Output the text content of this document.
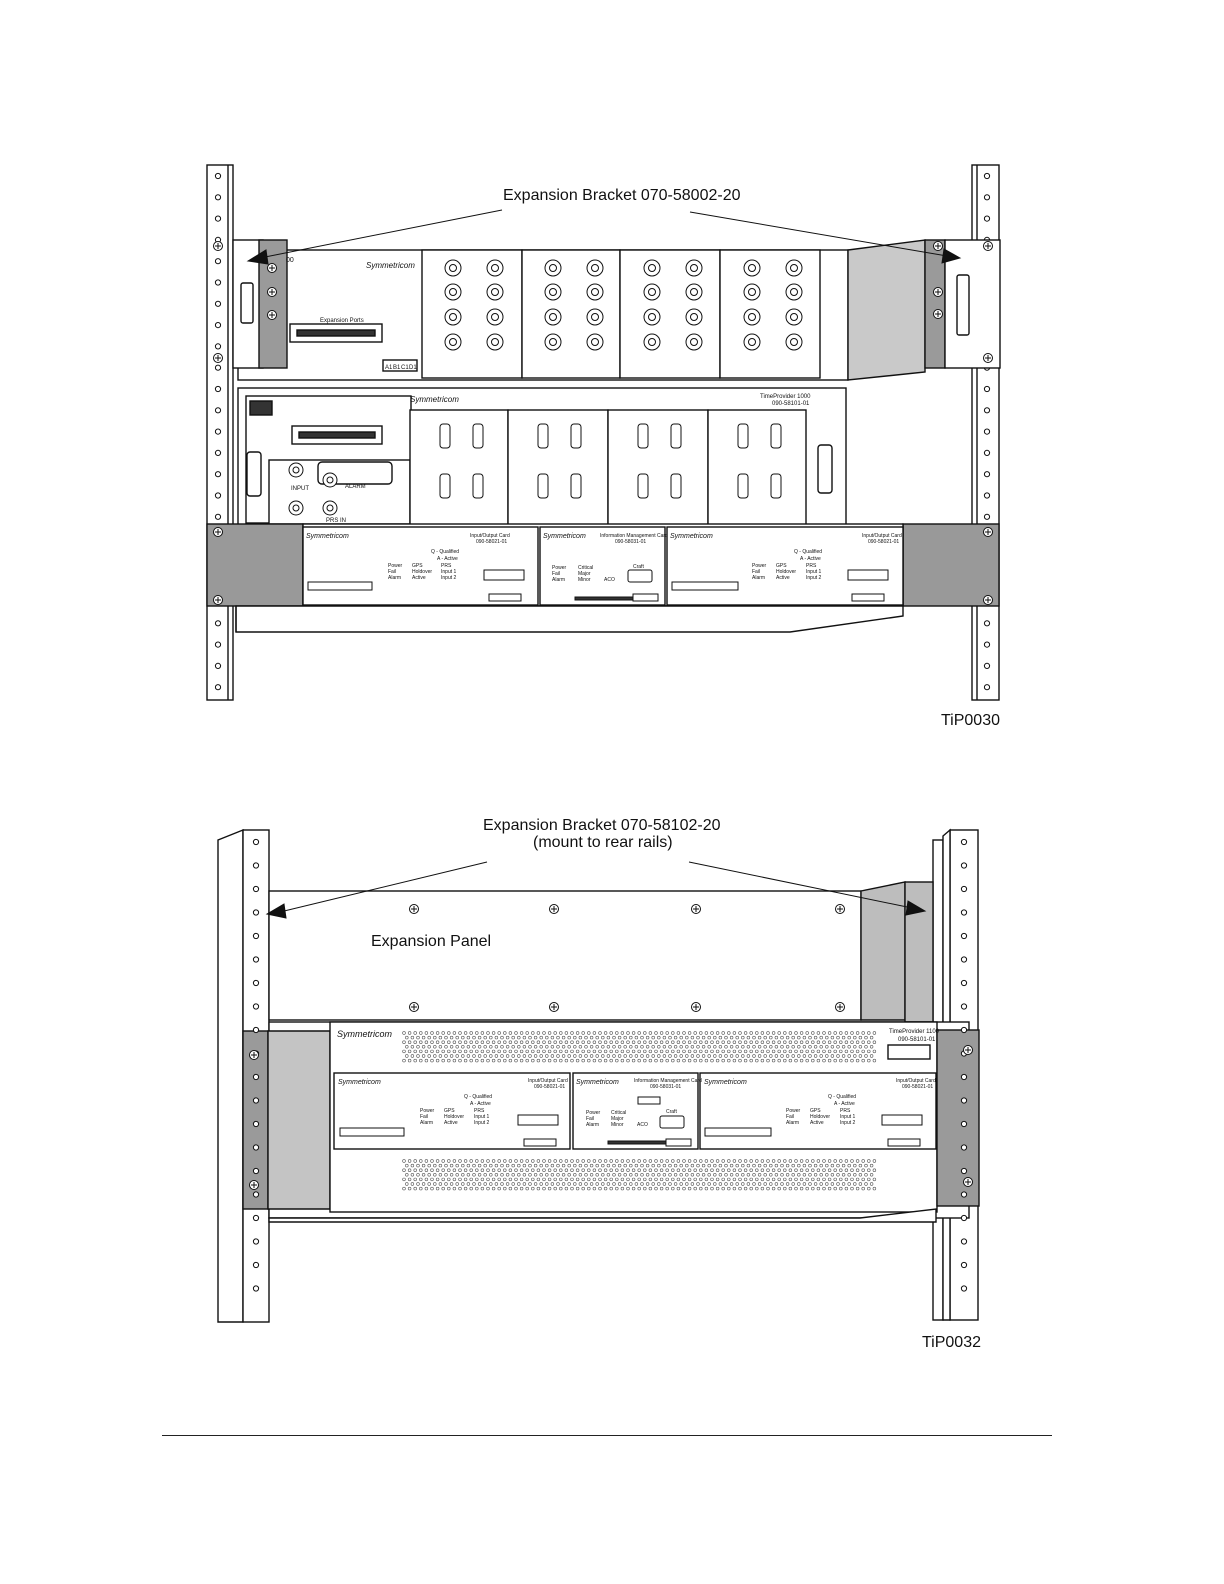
Symmetricom
00
Expansion Ports
A1 B1 C1 D1
Symmetricom	TimeProvider 1000
090-58101-01
ALARM
INPUT
PRS IN
Symmetricom	Input/Output Card
090-58021-01
Q - Qualified
A - Active
Power
Fail
Alarm
GPS
Holdover
Active
PRS
Input 1
Input 2
Symmetricom	Information Management Card
090-58031-01
Power
Fail
Alarm
Critical
Major
Minor	ACO
Craft
Symmetricom	Input/Output Card
090-58021-01
Q - Qualified
A - Active
Power
Fail
Alarm
GPS
Holdover
Active
PRS
Input 1
Input 2
Expansion Bracket 070-58002-20
TiP0030
Symmetricom	TimeProvider 1100
090-58101-01
Symmetricom	Input/Output Card
090-58021-01
Q - Qualified
A - Active
Power
Fail
Alarm
GPS
Holdover
Active
PRS
Input 1
Input 2
Symmetricom	Information Management Card
090-58031-01
Power
Fail
Alarm
Critical
Major
Minor	ACO
Craft
Symmetricom	Input/Output Card
090-58021-01
Q - Qualified
A - Active
Power
Fail
Alarm
GPS
Holdover
Active
PRS
Input 1
Input 2
Expansion Bracket 070-58102-20
(mount to rear rails)
Expansion Panel
TiP0032
